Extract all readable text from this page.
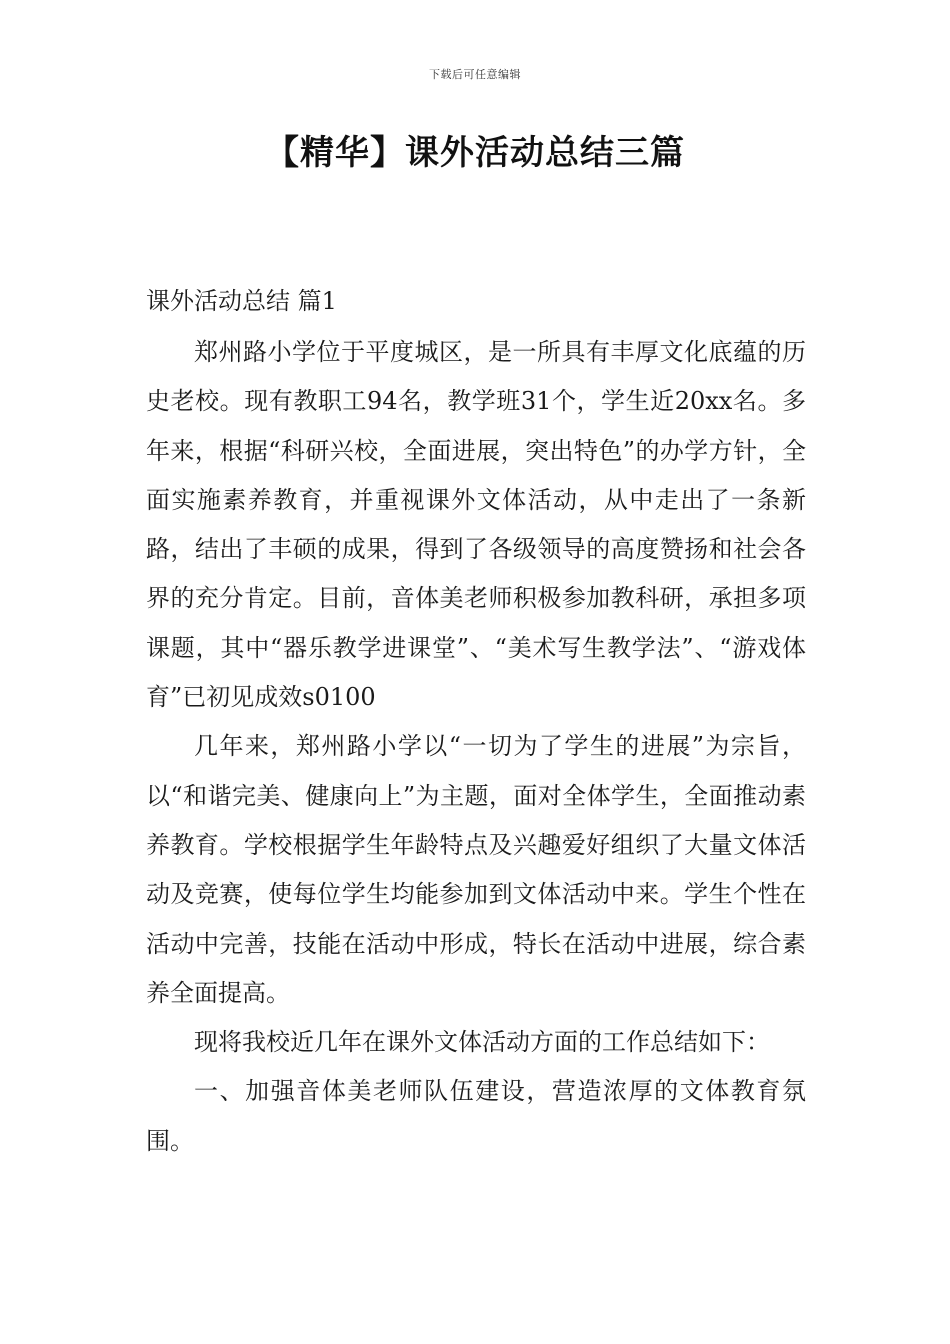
下载后可任意编辑
【精华】课外活动总结三篇
课外活动总结 篇1

郑州路小学位于平度城区，是一所具有丰厚文化底蕴的历史老校。现有教职工94名，教学班31个，学生近20xx名。多年来，根据“科研兴校，全面进展，突出特色”的办学方针，全面实施素养教育，并重视课外文体活动，从中走出了一条新路，结出了丰硕的成果，得到了各级领导的高度赞扬和社会各界的充分肯定。目前，音体美老师积极参加教科研，承担多项课题，其中“器乐教学进课堂”、“美术写生教学法”、“游戏体育”已初见成效s0100

几年来，郑州路小学以“一切为了学生的进展”为宗旨，以“和谐完美、健康向上”为主题，面对全体学生，全面推动素养教育。学校根据学生年龄特点及兴趣爱好组织了大量文体活动及竞赛，使每位学生均能参加到文体活动中来。学生个性在活动中完善，技能在活动中形成，特长在活动中进展，综合素养全面提高。

现将我校近几年在课外文体活动方面的工作总结如下：

一、加强音体美老师队伍建设，营造浓厚的文体教育氛围。
